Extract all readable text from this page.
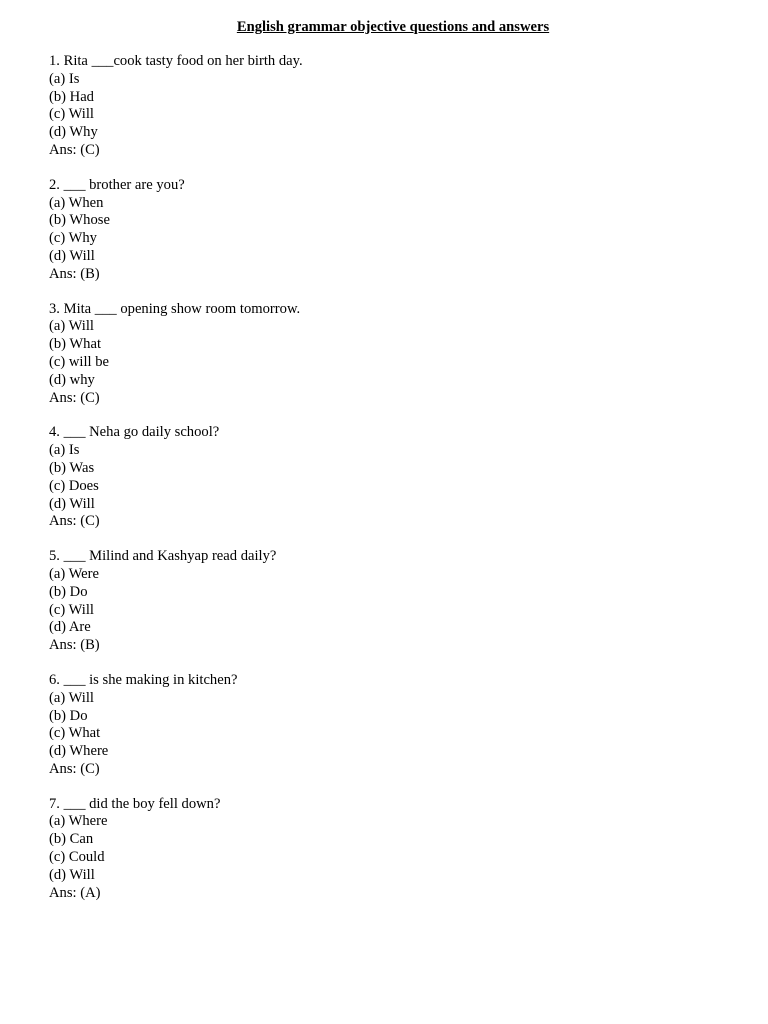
English grammar objective questions and answers
1. Rita ___cook tasty food on her birth day.
(a) Is
(b) Had
(c) Will
(d) Why
Ans: (C)
2. ___ brother are you?
(a) When
(b) Whose
(c) Why
(d) Will
Ans: (B)
3. Mita ___ opening show room tomorrow.
(a) Will
(b) What
(c) will be
(d) why
Ans: (C)
4. ___ Neha go daily school?
(a) Is
(b) Was
(c) Does
(d) Will
Ans: (C)
5. ___ Milind and Kashyap read daily?
(a) Were
(b) Do
(c) Will
(d) Are
Ans: (B)
6. ___ is she making in kitchen?
(a) Will
(b) Do
(c) What
(d) Where
Ans: (C)
7. ___ did the boy fell down?
(a) Where
(b) Can
(c) Could
(d) Will
Ans: (A)
